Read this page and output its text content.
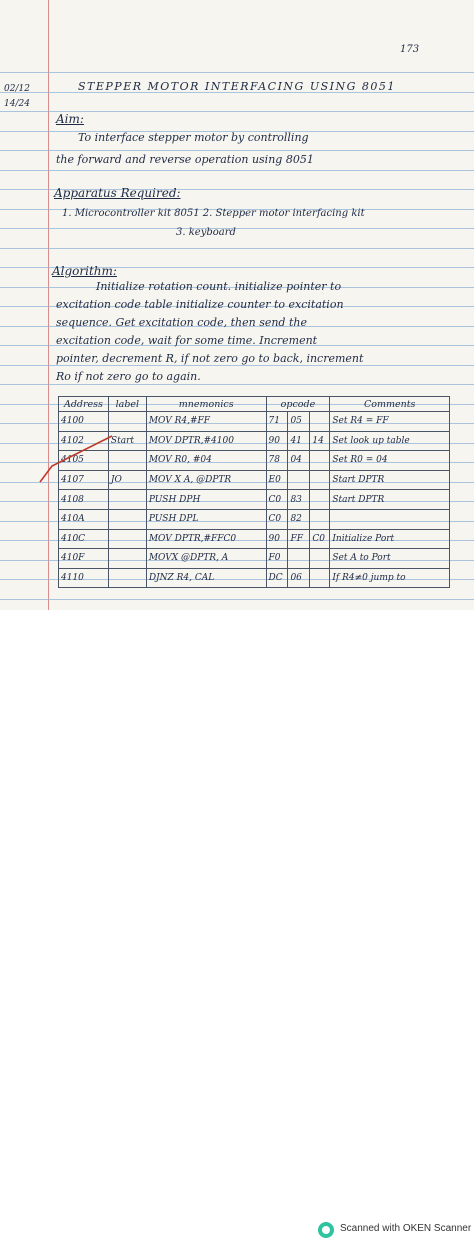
173
02/12
14/24
STEPPER MOTOR INTERFACING USING 8051
Aim:
To interface stepper motor by controlling
the forward and reverse operation using 8051
Apparatus Required:
1. Microcontroller kit 8051 2. Stepper motor interfacing kit
3. keyboard
Algorithm:
Initialize rotation count. initialize pointer to
excitation code table initialize counter to excitation
sequence. Get excitation code, then send the
excitation code, wait for some time. Increment
pointer, decrement R, if not zero go to back, increment
Ro if not zero go to again.
Address	label	mnemonics	opcode			Comments
4100		MOV R4,#FF	71	05		Set R4 = FF
4102	Start	MOV DPTR,#4100	90	41	14	Set look up table
4105		MOV R0, #04	78	04		Set R0 = 04
4107	JO	MOV X A, @DPTR	E0			Start DPTR
4108		PUSH DPH	C0	83		Start DPTR
410A		PUSH DPL	C0	82		
410C		MOV DPTR,#FFC0	90	FF	C0	Initialize Port
410F		MOVX @DPTR, A	F0			Set A to Port
4110		DJNZ R4, CAL	DC	06		If R4≠0 jump to
Scanned with OKEN Scanner
